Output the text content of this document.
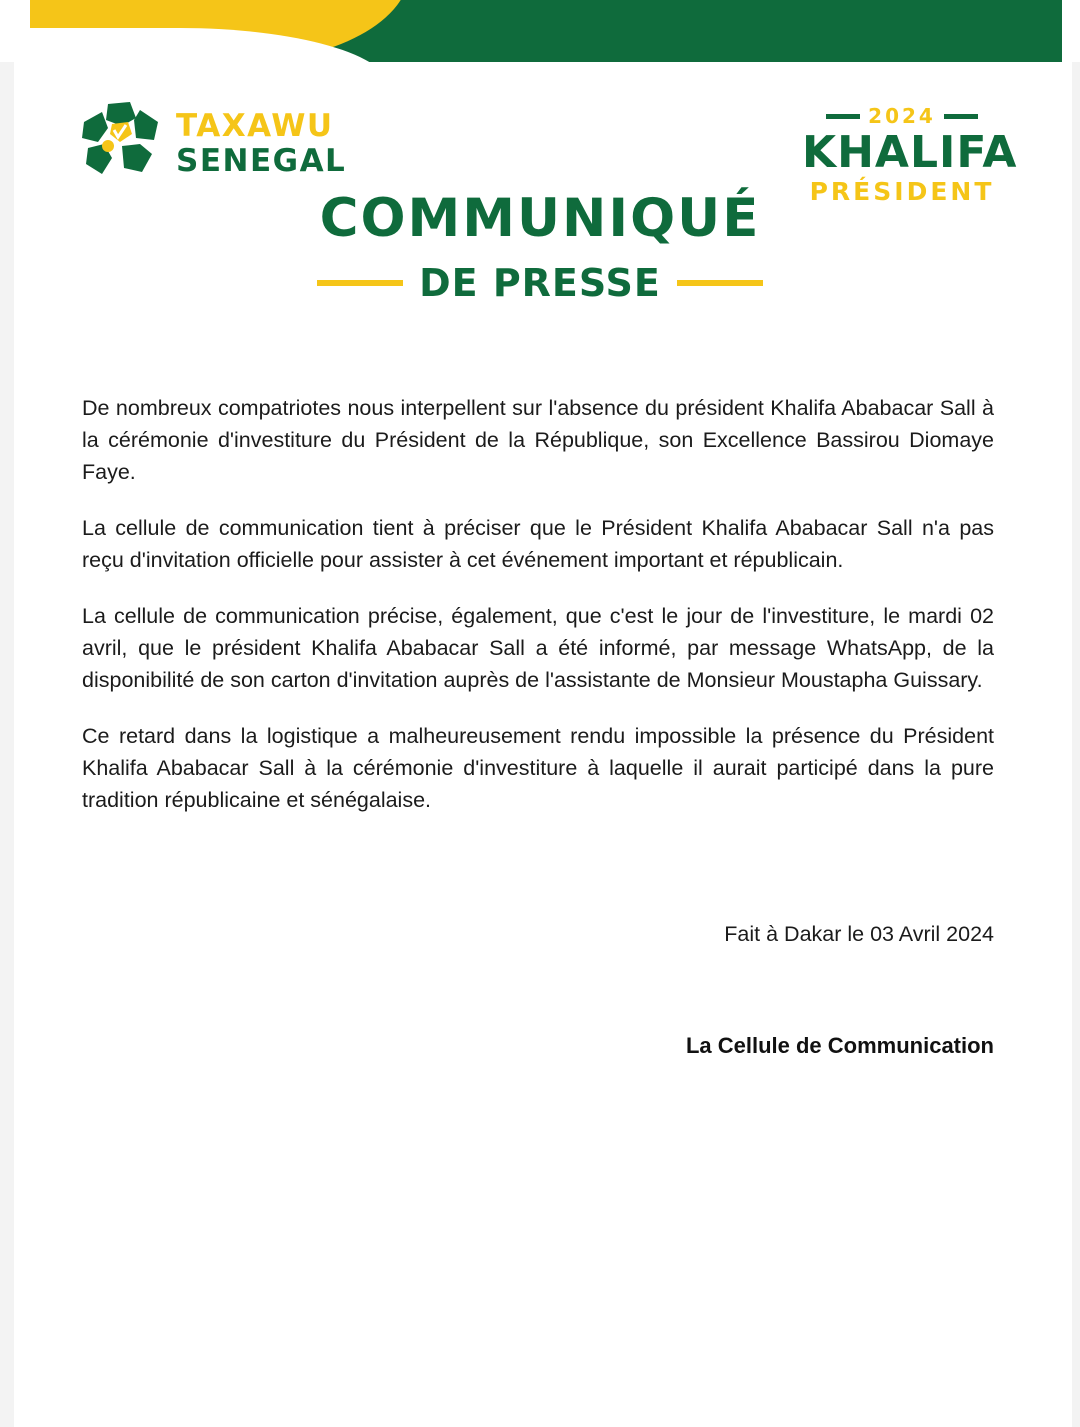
TAXAWU
SENEGAL
2024
KHALIFA
PRÉSIDENT
COMMUNIQUÉ
DE PRESSE

De nombreux compatriotes nous interpellent sur l'absence du président Khalifa Ababacar Sall à la cérémonie d'investiture du Président de la République, son Excellence Bassirou Diomaye Faye.

La cellule de communication tient à préciser que le Président Khalifa Ababacar Sall n'a pas reçu d'invitation officielle pour assister à cet événement important et républicain.

La cellule de communication précise, également, que c'est le jour de l'investiture, le mardi 02 avril, que le président Khalifa Ababacar Sall a été informé, par message WhatsApp, de la disponibilité de son carton d'invitation auprès de l'assistante de Monsieur Moustapha Guissary.

Ce retard dans la logistique a malheureusement rendu impossible la présence du Président Khalifa Ababacar Sall à la cérémonie d'investiture à laquelle il aurait participé dans la pure tradition républicaine et sénégalaise.

Fait à Dakar le 03 Avril 2024
La Cellule de Communication
